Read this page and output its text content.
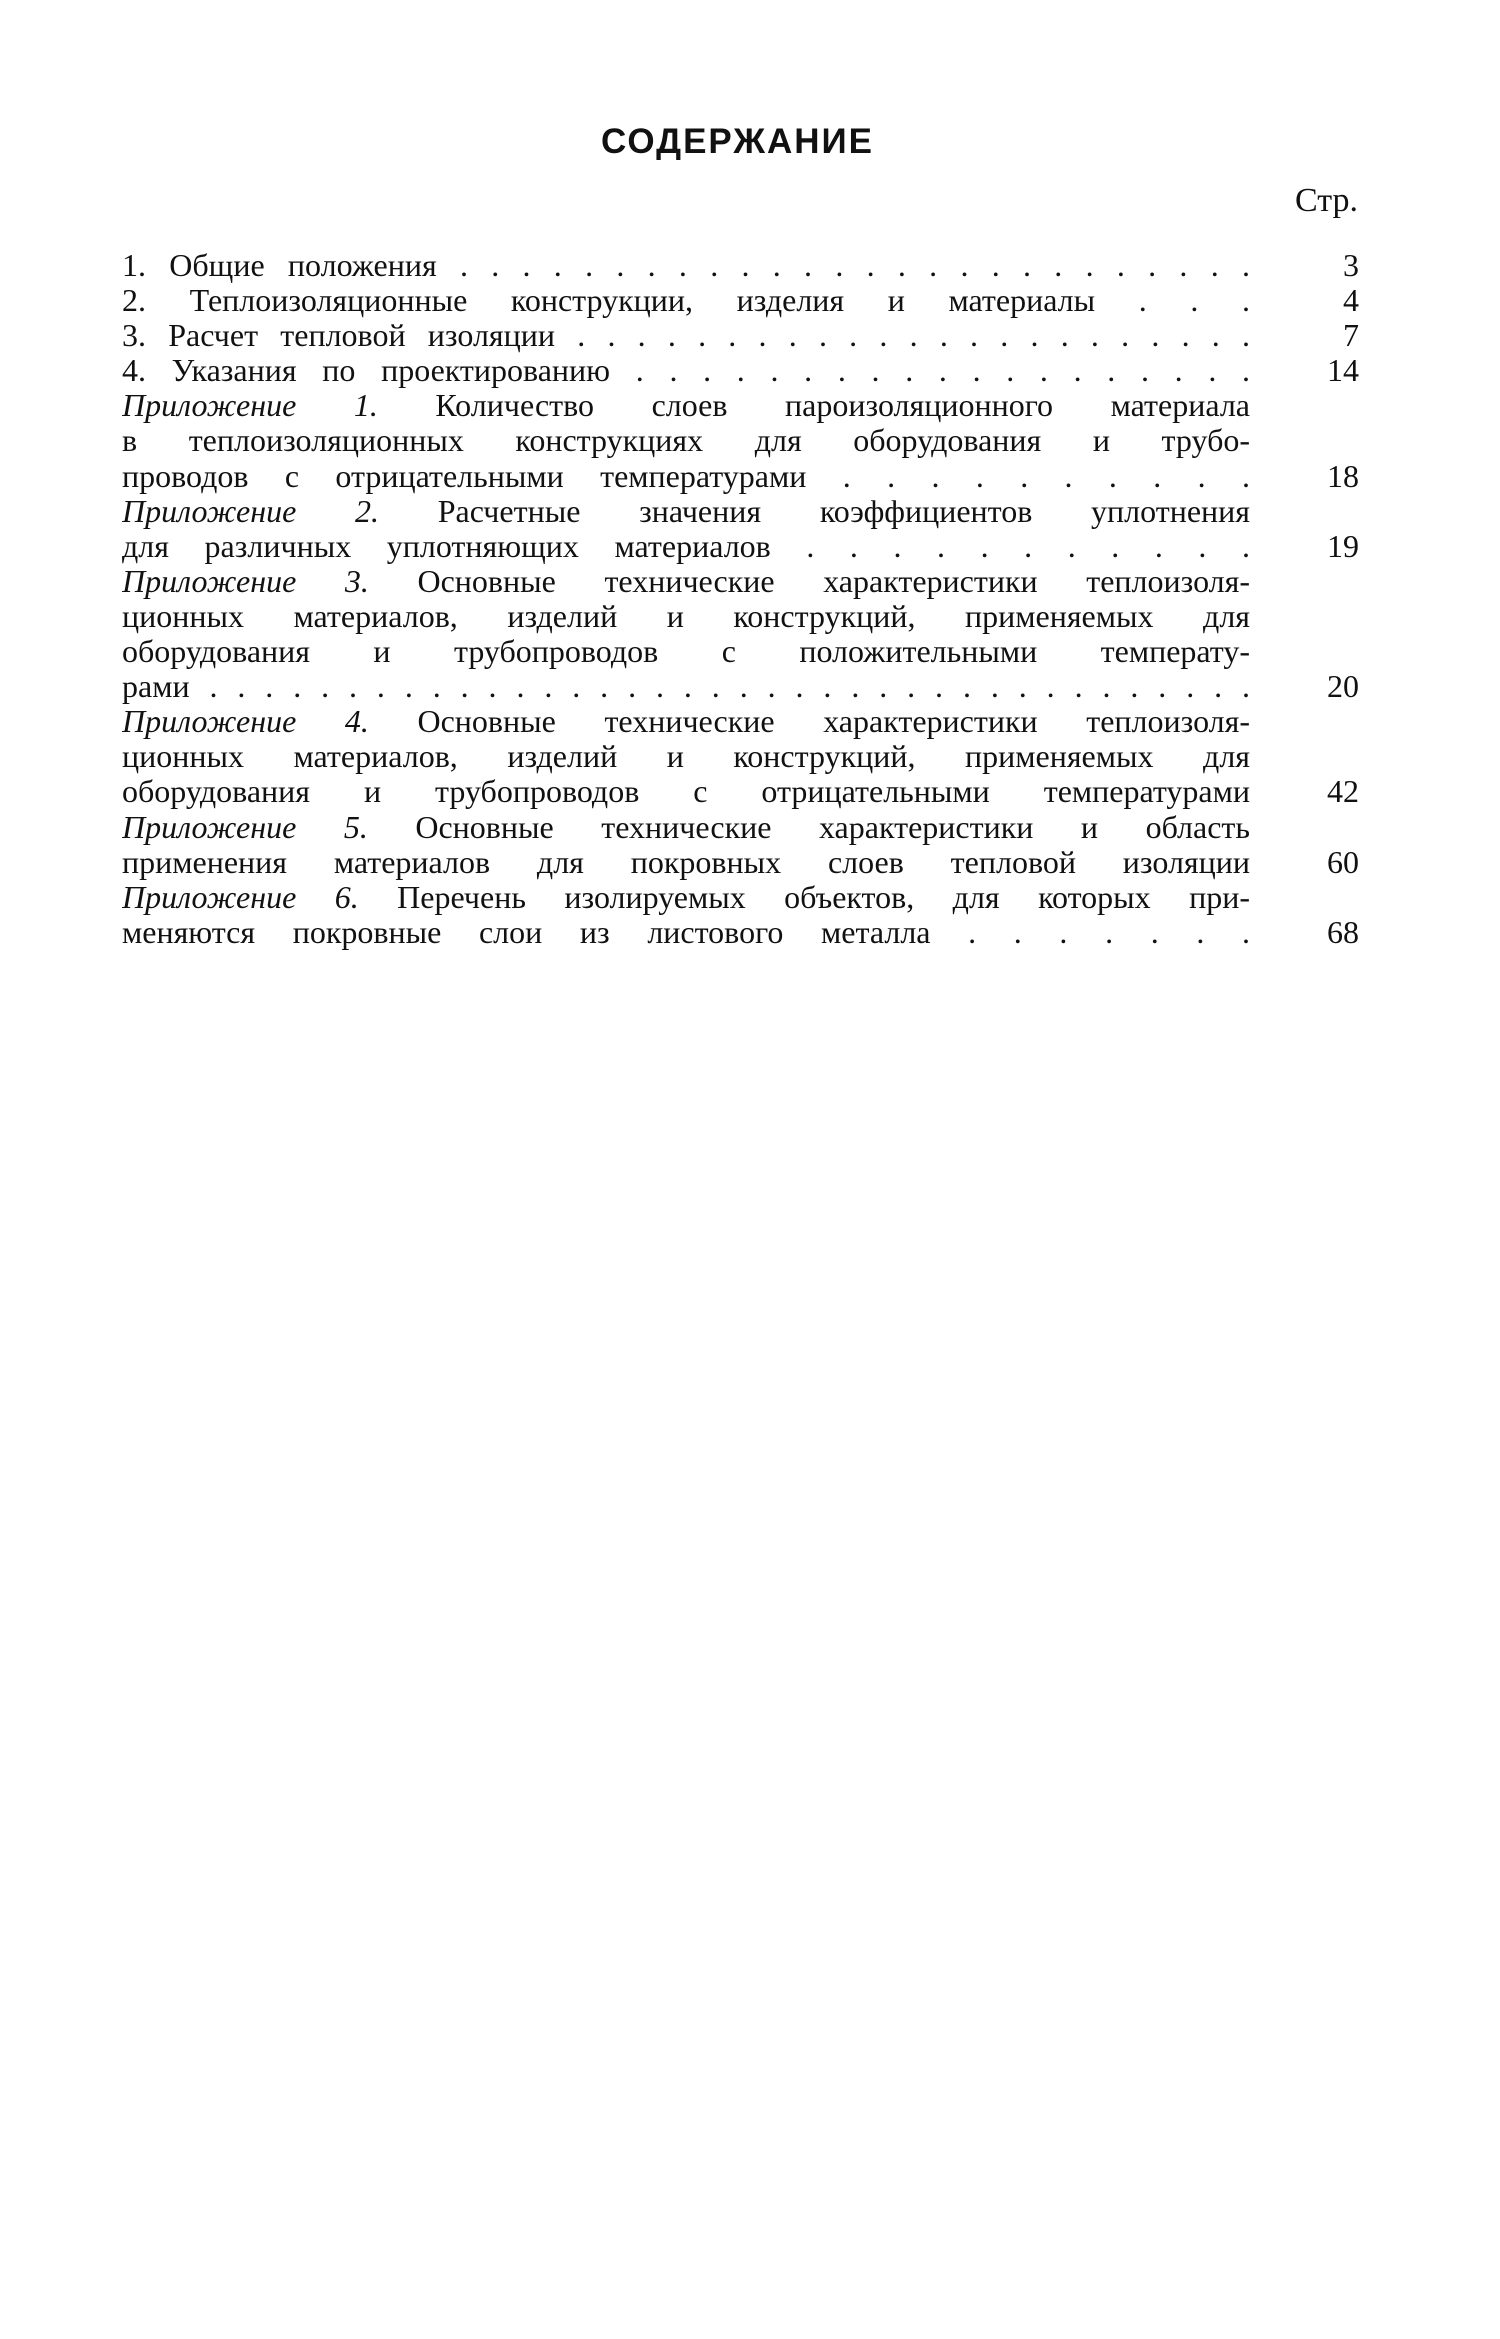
СОДЕРЖАНИЕ
Стр.
1. Общие положения . . . . . . . . . . . . . . . . . . . . . . . . . .	3
2. Теплоизоляционные конструкции, изделия и материалы . . .	4
3. Расчет тепловой изоляции . . . . . . . . . . . . . . . . . . . . . . .	7
4. Указания по проектированию . . . . . . . . . . . . . . . . . . .	14
Приложение 1. Количество слоев пароизоляционного материала
в теплоизоляционных конструкциях для оборудования и трубо-
проводов с отрицательными температурами . . . . . . . . . .	18
Приложение 2. Расчетные значения коэффициентов уплотнения
для различных уплотняющих материалов . . . . . . . . . . .	19
Приложение 3. Основные технические характеристики теплоизоля-
ционных материалов, изделий и конструкций, применяемых для
оборудования и трубопроводов с положительными температу-
рами . . . . . . . . . . . . . . . . . . . . . . . . . . . . . . . . . . . . . .	20
Приложение 4. Основные технические характеристики теплоизоля-
ционных материалов, изделий и конструкций, применяемых для
оборудования и трубопроводов с отрицательными температурами	42
Приложение 5. Основные технические характеристики и область
применения материалов для покровных слоев тепловой изоляции	60
Приложение 6. Перечень изолируемых объектов, для которых при-
меняются покровные слои из листового металла . . . . . . .	68
